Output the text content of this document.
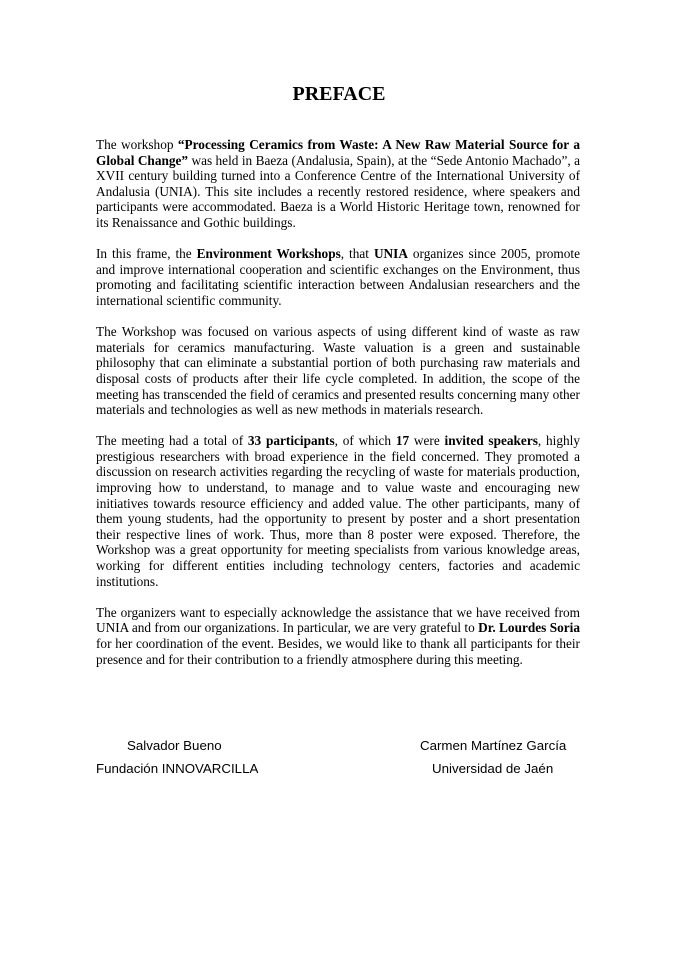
PREFACE

The workshop “Processing Ceramics from Waste: A New Raw Material Source for a Global Change” was held in Baeza (Andalusia, Spain), at the “Sede Antonio Machado”, a XVII century building turned into a Conference Centre of the International University of Andalusia (UNIA). This site includes a recently restored residence, where speakers and participants were accommodated. Baeza is a World Historic Heritage town, renowned for its Renaissance and Gothic buildings.

In this frame, the Environment Workshops, that UNIA organizes since 2005, promote and improve international cooperation and scientific exchanges on the Environment, thus promoting and facilitating scientific interaction between Andalusian researchers and the international scientific community.

The Workshop was focused on various aspects of using different kind of waste as raw materials for ceramics manufacturing. Waste valuation is a green and sustainable philosophy that can eliminate a substantial portion of both purchasing raw materials and disposal costs of products after their life cycle completed. In addition, the scope of the meeting has transcended the field of ceramics and presented results concerning many other materials and technologies as well as new methods in materials research.

The meeting had a total of 33 participants, of which 17 were invited speakers, highly prestigious researchers with broad experience in the field concerned. They promoted a discussion on research activities regarding the recycling of waste for materials production, improving how to understand, to manage and to value waste and encouraging new initiatives towards resource efficiency and added value. The other participants, many of them young students, had the opportunity to present by poster and a short presentation their respective lines of work. Thus, more than 8 poster were exposed. Therefore, the Workshop was a great opportunity for meeting specialists from various knowledge areas, working for different entities including technology centers, factories and academic institutions.

The organizers want to especially acknowledge the assistance that we have received from UNIA and from our organizations. In particular, we are very grateful to Dr. Lourdes Soria for her coordination of the event. Besides, we would like to thank all participants for their presence and for their contribution to a friendly atmosphere during this meeting.

Salvador Bueno
Fundación INNOVARCILLA
Carmen Martínez García
Universidad de Jaén
